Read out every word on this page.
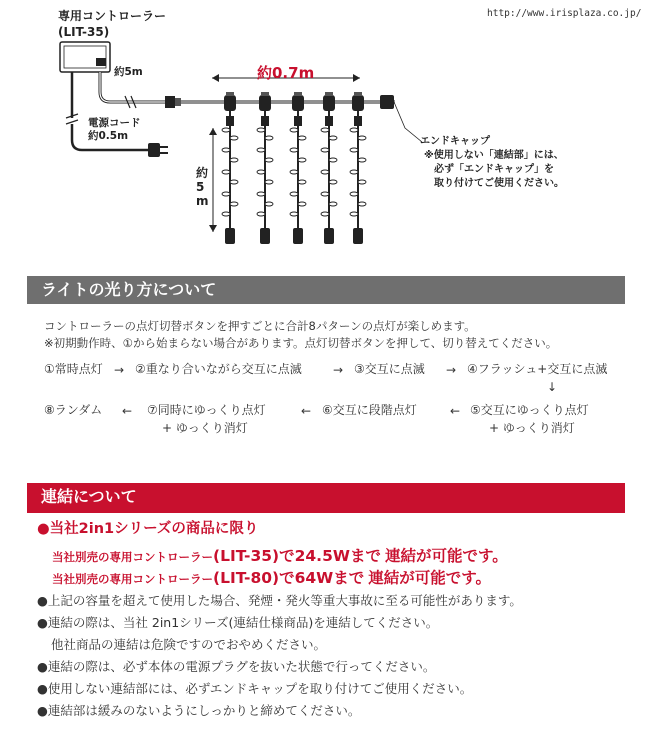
http://www.irisplaza.co.jp/
専用コントローラー
(LIT-35)
約5m	約0.7m
電源コード
約0.5m
約5m
エンドキャップ
※使用しない「連結部」には、
必ず「エンドキャップ」を
取り付けてご使用ください。
ライトの光り方について
コントローラーの点灯切替ボタンを押すごとに合計8パターンの点灯が楽しめます。
※初期動作時、①から始まらない場合があります。点灯切替ボタンを押して、切り替えてください。
①常時点灯 → ②重なり合いながら交互に点滅	→ ③交互に点滅 → ④フラッシュ+交互に点滅
↓
⑧ランダム ← ⑦同時にゆっくり点灯
+ ゆっくり消灯
← ⑥交互に段階点灯	← ⑤交互にゆっくり点灯
+ ゆっくり消灯
連結について
●当社2in1シリーズの商品に限り
当社別売の専用コントローラー(LIT-35)で24.5Wまで 連結が可能です。
当社別売の専用コントローラー(LIT-80)で64Wまで 連結が可能です。
●上記の容量を超えて使用した場合、発煙・発火等重大事故に至る可能性があります。
●連結の際は、当社 2in1シリーズ(連結仕様商品)を連結してください。
他社商品の連結は危険ですのでおやめください。
●連結の際は、必ず本体の電源プラグを抜いた状態で行ってください。
●使用しない連結部には、必ずエンドキャップを取り付けてご使用ください。
●連結部は緩みのないようにしっかりと締めてください。
